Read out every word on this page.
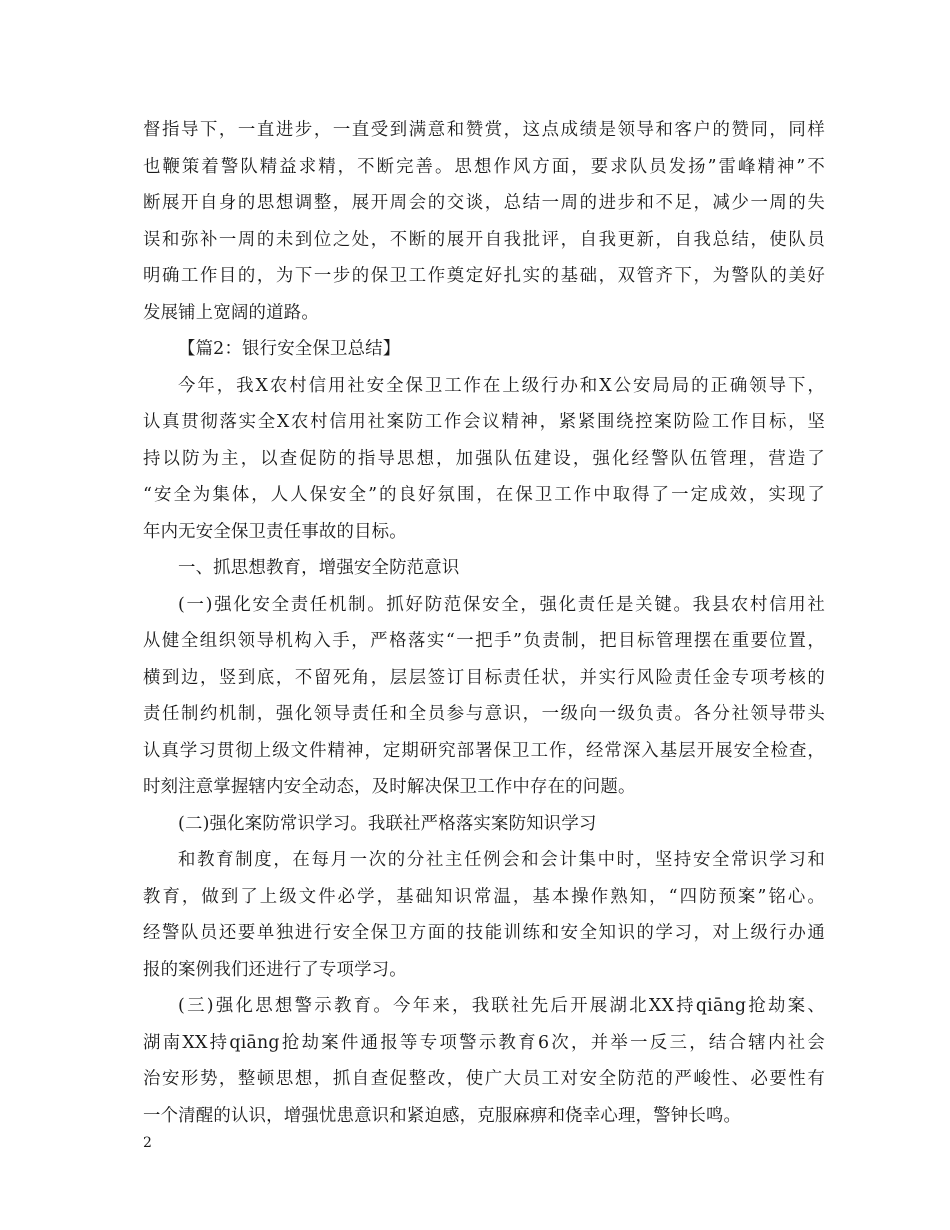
督指导下，一直进步，一直受到满意和赞赏，这点成绩是领导和客户的赞同，同样
也鞭策着警队精益求精，不断完善。思想作风方面，要求队员发扬”雷峰精神”不
断展开自身的思想调整，展开周会的交谈，总结一周的进步和不足，减少一周的失
误和弥补一周的未到位之处，不断的展开自我批评，自我更新，自我总结，使队员
明确工作目的，为下一步的保卫工作奠定好扎实的基础，双管齐下，为警队的美好
发展铺上宽阔的道路。
【篇2：银行安全保卫总结】
今年，我X农村信用社安全保卫工作在上级行办和X公安局局的正确领导下，
认真贯彻落实全X农村信用社案防工作会议精神，紧紧围绕控案防险工作目标，坚
持以防为主，以查促防的指导思想，加强队伍建设，强化经警队伍管理，营造了
“安全为集体，人人保安全”的良好氛围，在保卫工作中取得了一定成效，实现了
年内无安全保卫责任事故的目标。
一、抓思想教育，增强安全防范意识
(一)强化安全责任机制。抓好防范保安全，强化责任是关键。我县农村信用社
从健全组织领导机构入手，严格落实“一把手”负责制，把目标管理摆在重要位置，
横到边，竖到底，不留死角，层层签订目标责任状，并实行风险责任金专项考核的
责任制约机制，强化领导责任和全员参与意识，一级向一级负责。各分社领导带头
认真学习贯彻上级文件精神，定期研究部署保卫工作，经常深入基层开展安全检查，
时刻注意掌握辖内安全动态，及时解决保卫工作中存在的问题。
(二)强化案防常识学习。我联社严格落实案防知识学习
和教育制度，在每月一次的分社主任例会和会计集中时，坚持安全常识学习和
教育，做到了上级文件必学，基础知识常温，基本操作熟知，“四防预案”铭心。
经警队员还要单独进行安全保卫方面的技能训练和安全知识的学习，对上级行办通
报的案例我们还进行了专项学习。
(三)强化思想警示教育。今年来，我联社先后开展湖北XX持qiāng抢劫案、
湖南XX持qiāng抢劫案件通报等专项警示教育6次，并举一反三，结合辖内社会
治安形势，整顿思想，抓自查促整改，使广大员工对安全防范的严峻性、必要性有
一个清醒的认识，增强忧患意识和紧迫感，克服麻痹和侥幸心理，警钟长鸣。
2
